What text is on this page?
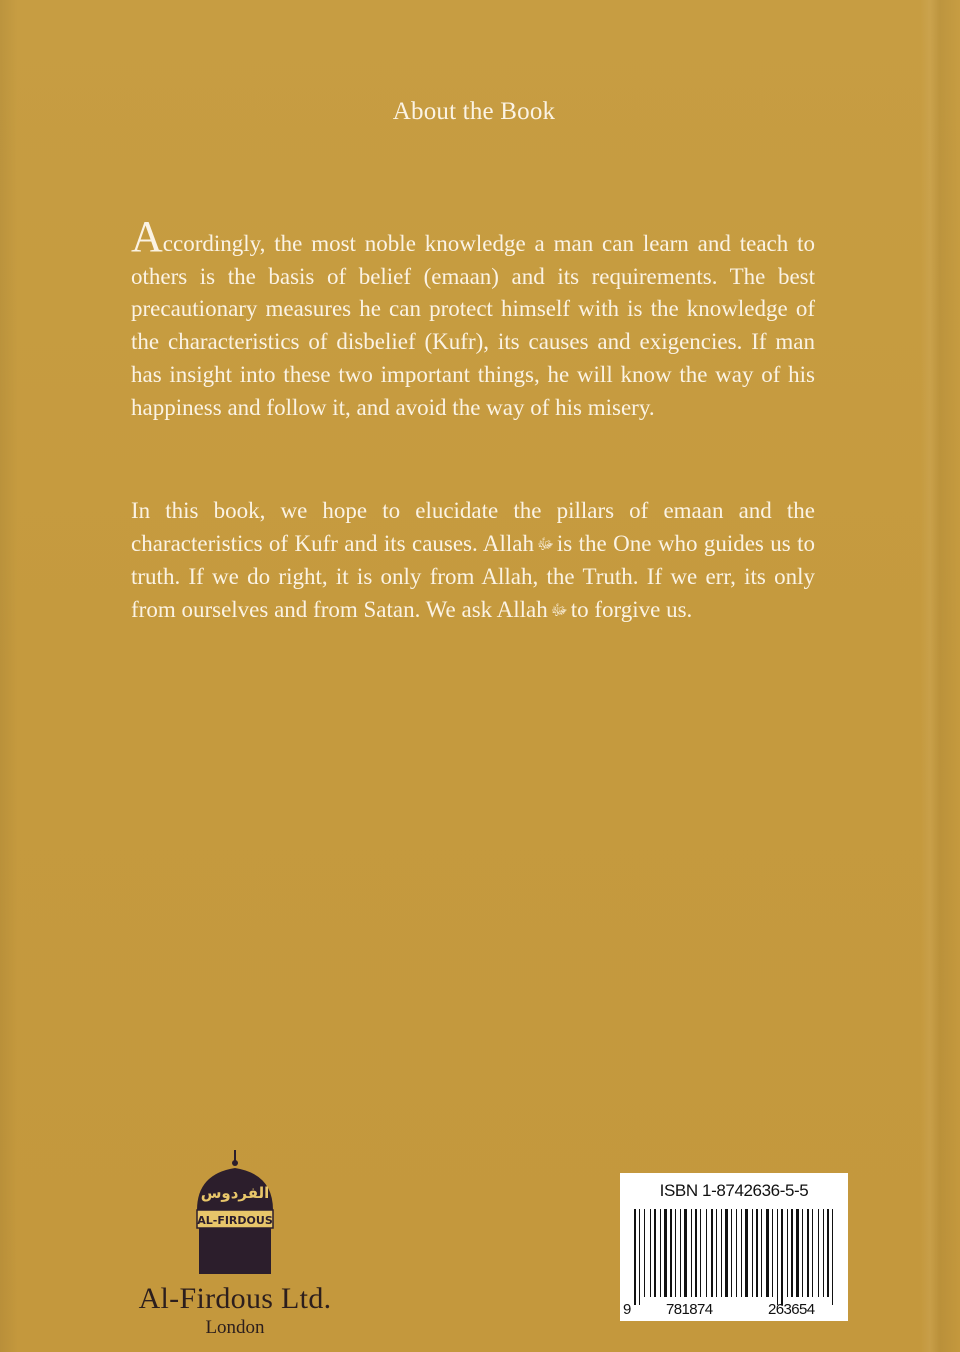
About the Book

Accordingly, the most noble knowledge a man can learn and teach to others is the basis of belief (emaan) and its requirements. The best precautionary measures he can protect himself with is the knowledge of the characteristics of disbelief (Kufr), its causes and exigencies. If man has insight into these two important things, he will know the way of his happiness and follow it, and avoid the way of his misery.

In this book, we hope to elucidate the pillars of emaan and the characteristics of Kufr and its causes. Allah ﷻ is the One who guides us to truth. If we do right, it is only from Allah, the Truth. If we err, its only from ourselves and from Satan. We ask Allah ﷻ to forgive us.

الفردوس
AL-FIRDOUS
Al-Firdous Ltd.
London
ISBN 1-8742636-5-5
9 781874	263654
